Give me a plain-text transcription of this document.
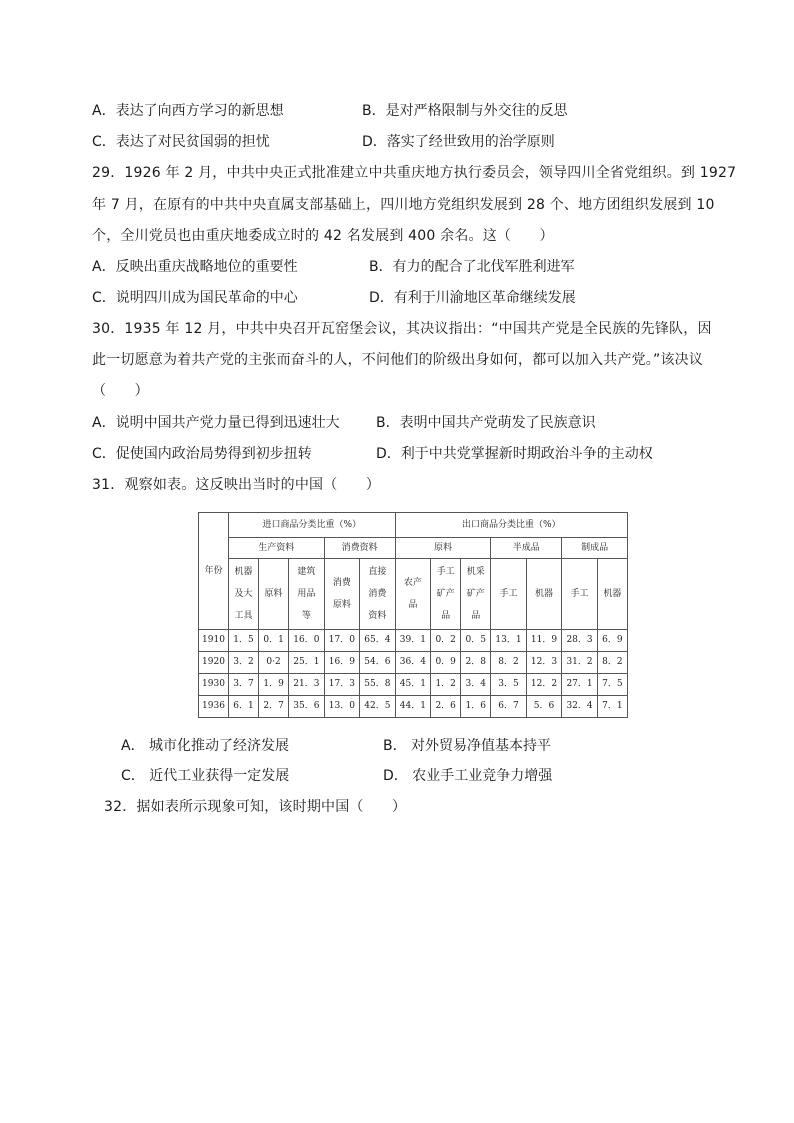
A．表达了向西方学习的新思想	B．是对严格限制与外交往的反思
C．表达了对民贫国弱的担忧	D．落实了经世致用的治学原则
29．1926 年 2 月，中共中央正式批准建立中共重庆地方执行委员会，领导四川全省党组织。到 1927
年 7 月，在原有的中共中央直属支部基础上，四川地方党组织发展到 28 个、地方团组织发展到 10
个，全川党员也由重庆地委成立时的 42 名发展到 400 余名。这（　　）
A．反映出重庆战略地位的重要性	B．有力的配合了北伐军胜利进军
C．说明四川成为国民革命的中心	D．有利于川渝地区革命继续发展
30．1935 年 12 月，中共中央召开瓦窑堡会议，其决议指出：“中国共产党是全民族的先锋队，因
此一切愿意为着共产党的主张而奋斗的人，不问他们的阶级出身如何，都可以加入共产党。”该决议
（　　）
A．说明中国共产党力量已得到迅速壮大	B．表明中国共产党萌发了民族意识
C．促使国内政治局势得到初步扭转	D．利于中共党掌握新时期政治斗争的主动权
31．观察如表。这反映出当时的中国（　　）
年份	进口商品分类比重（%）					出口商品分类比重（%）						
	生产资料			消费资料		原料			半成品		制成品	
	机器及大工具	原料	建筑用品等	消费原料	直接消费资料	农产品	手工矿产品	机采矿产品	手工	机器	手工	机器
1910	1．5	0．1	16．0	17．0	65．4	39．1	0．2	0．5	13．1	11．9	28．3	6．9
1920	3．2	0·2	25．1	16．9	54．6	36．4	0．9	2．8	8．2	12．3	31．2	8．2
1930	3．7	1．9	21．3	17．3	55．8	45．1	1．2	3．4	3．5	12．2	27．1	7．5
1936	6．1	2．7	35．6	13．0	42．5	44．1	2．6	1．6	6．7	5．6	32．4	7．1
A． 城市化推动了经济发展	B． 对外贸易净值基本持平
C． 近代工业获得一定发展	D． 农业手工业竞争力增强
32．据如表所示现象可知，该时期中国（　　）
